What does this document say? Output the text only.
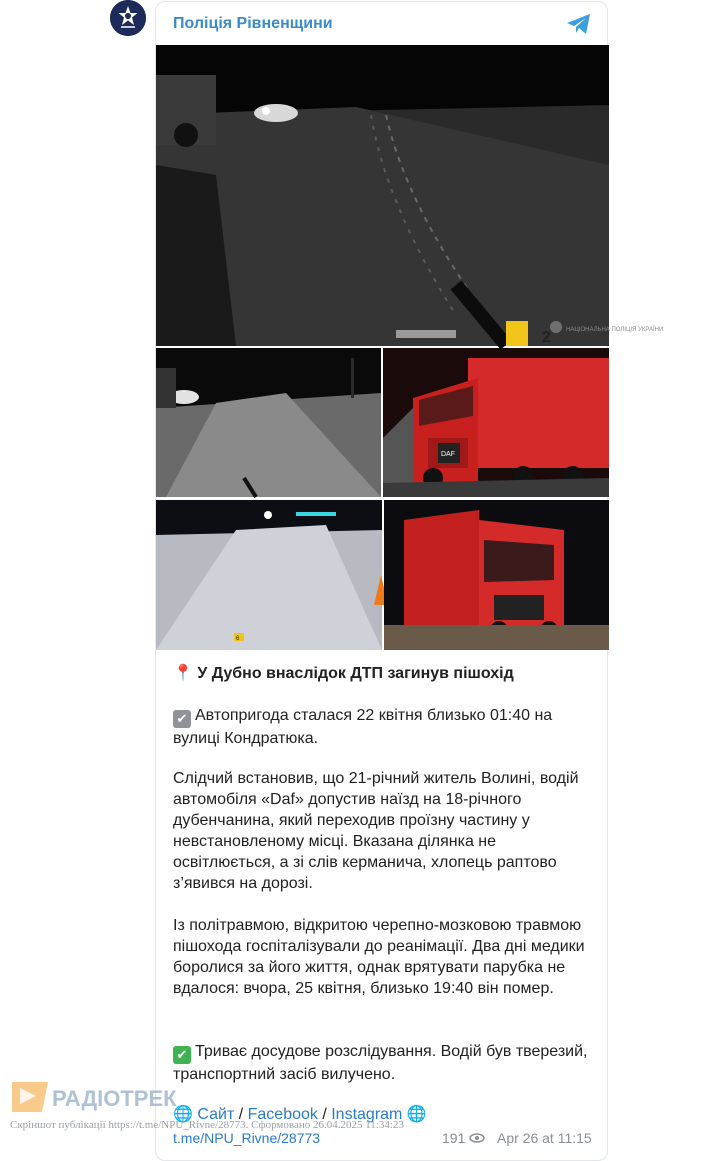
Поліція Рівненщини
2	НАЦІОНАЛЬНА ПОЛІЦІЯ УКРАЇНИ
DAF
6
📍 У Дубно внаслідок ДТП загинув пішохід
✔ Автопригода сталася 22 квітня близько 01:40 на вулиці Кондратюка.
Слідчий встановив, що 21-річний житель Волині, водій автомобіля «Daf» допустив наїзд на 18-річного дубенчанина, який переходив проїзну частину у невстановленому місці. Вказана ділянка не освітлюється, а зі слів керманича, хлопець раптово з’явився на дорозі.
Із політравмою, відкритою черепно-мозковою травмою пішохода госпіталізували до реанімації. Два дні медики боролися за його життя, однак врятувати парубка не вдалося: вчора, 25 квітня, близько 19:40 він помер.
✔ Триває досудове розслідування. Водій був тверезий, транспортний засіб вилучено.
🌐 Сайт / Facebook / Instagram 🌐
t.me/NPU_Rivne/28773	191	Apr 26 at 11:15
РАДІОТРЕК
Скріншот публікації https://t.me/NPU_Rivne/28773. Сформовано 26.04.2025 11:34:23
